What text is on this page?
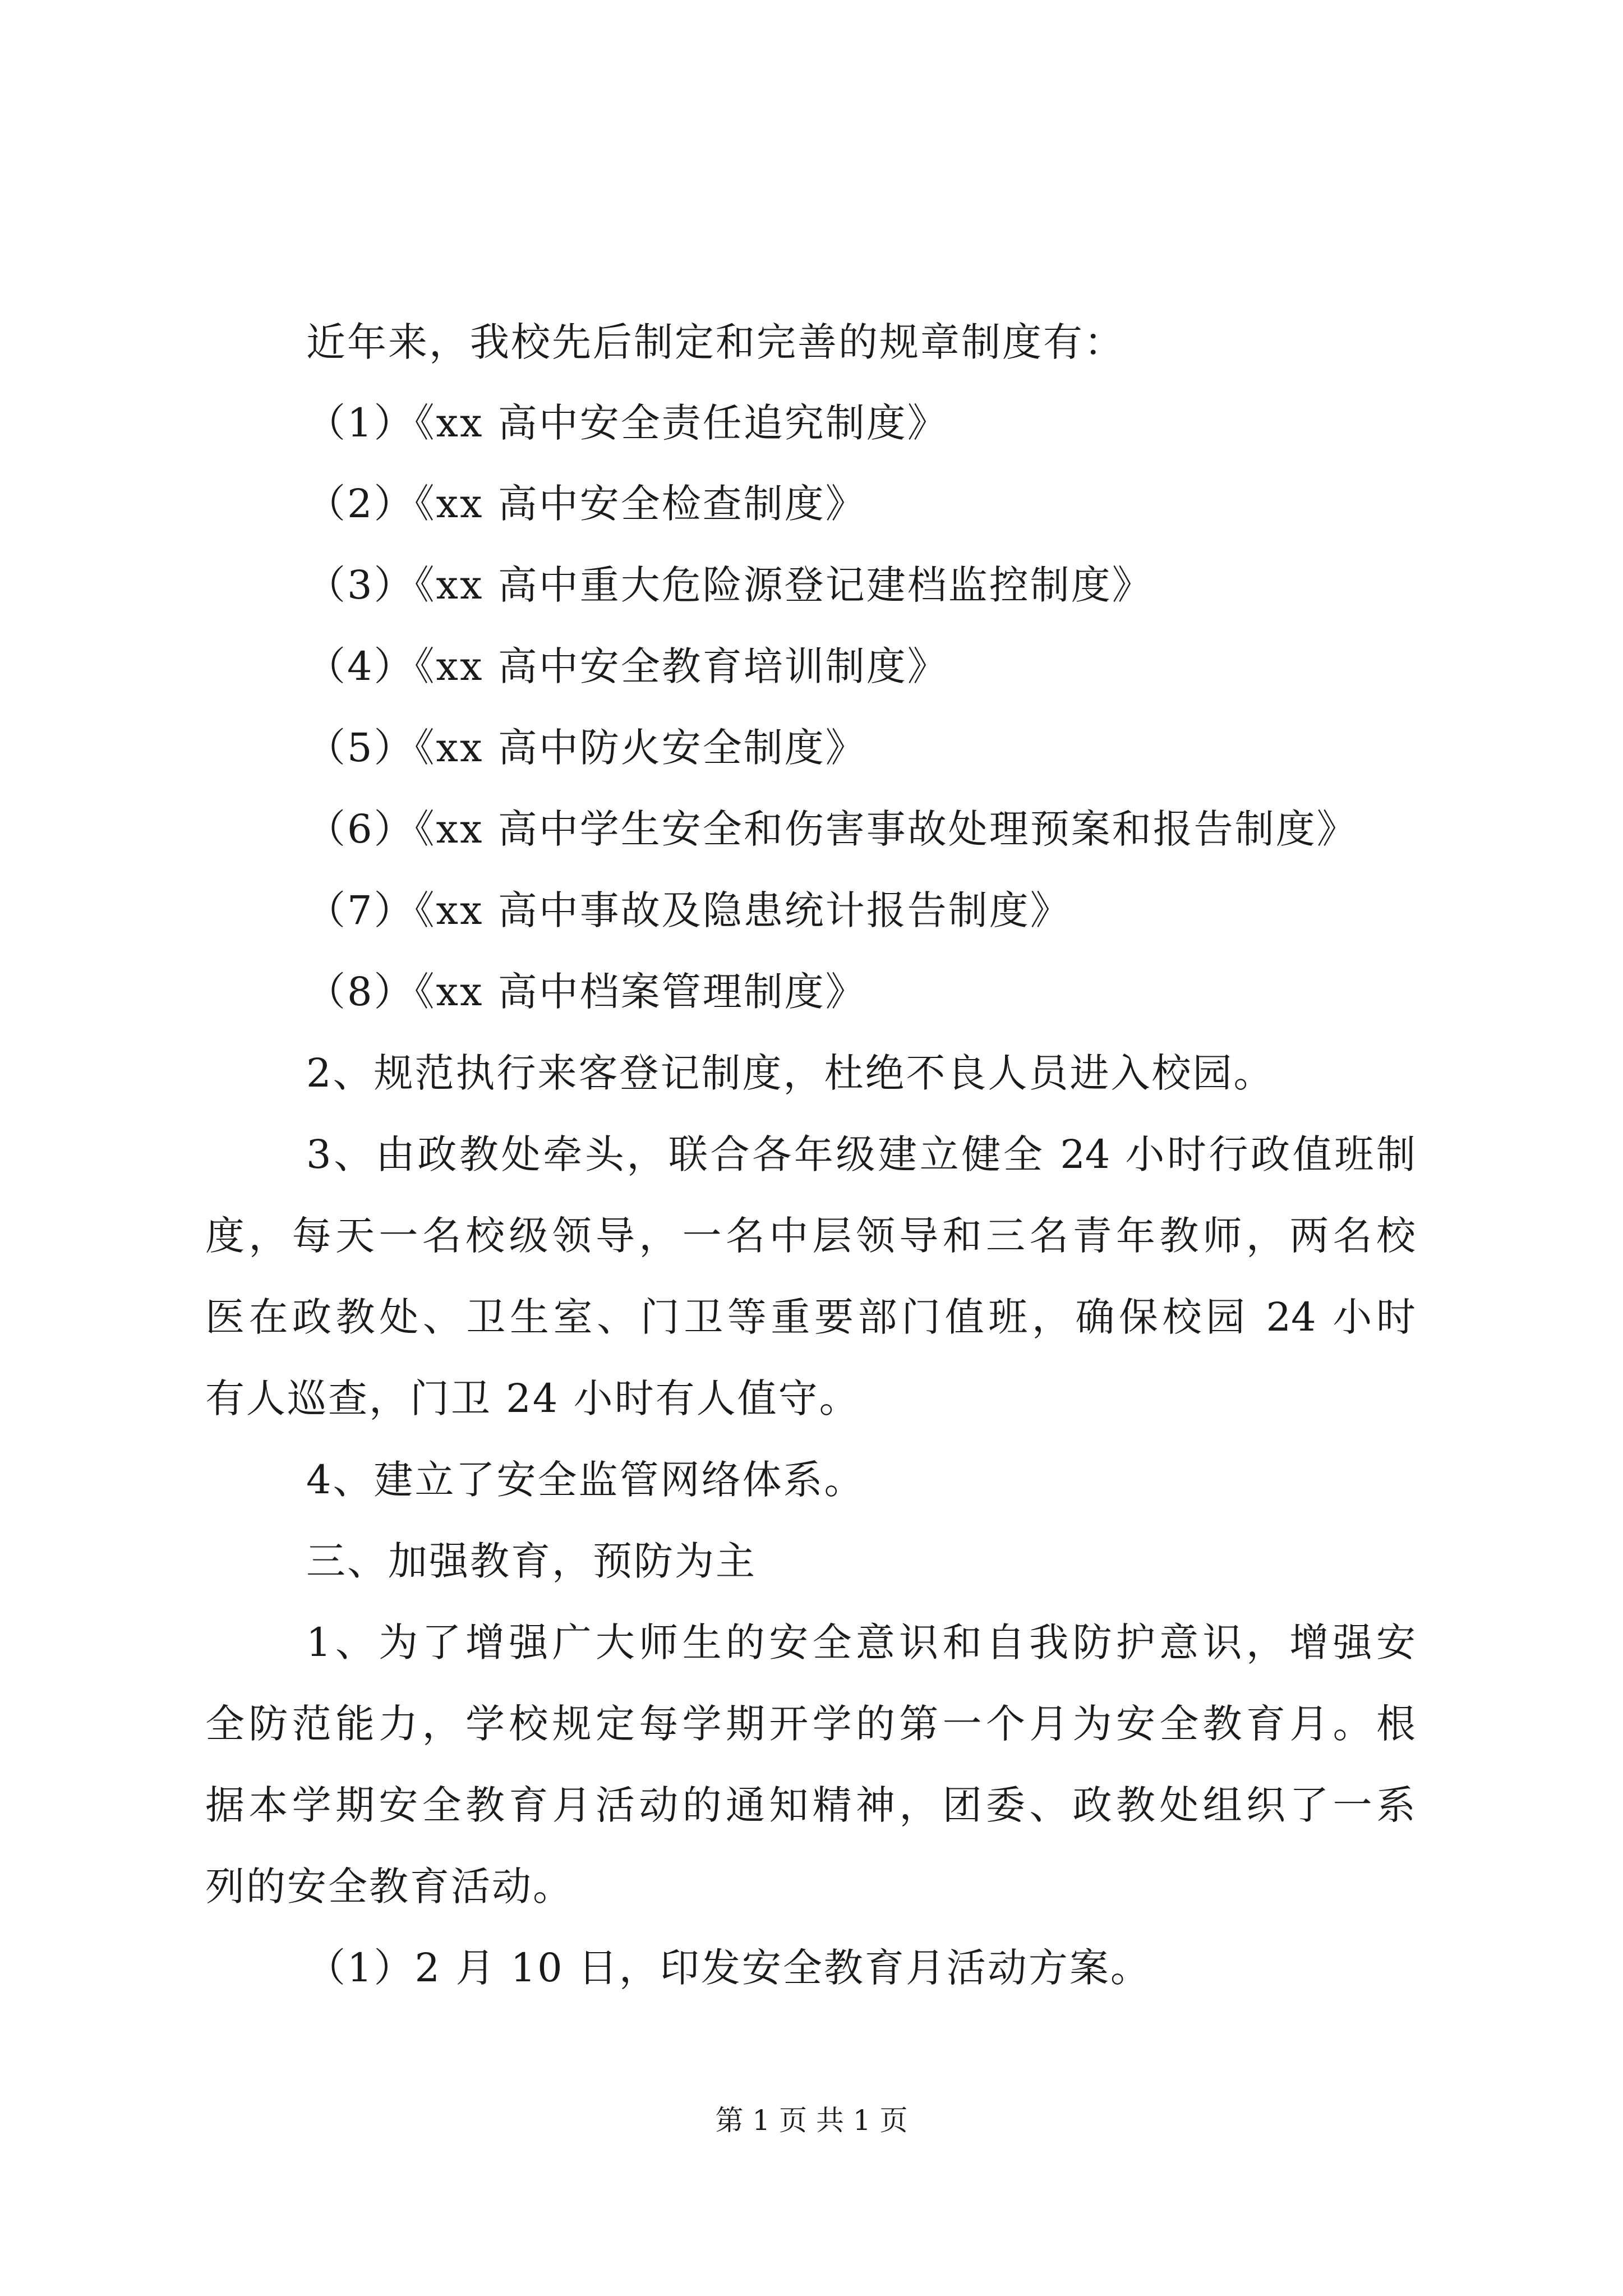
近年来，我校先后制定和完善的规章制度有：

（1）《xx 高中安全责任追究制度》

（2）《xx 高中安全检查制度》

（3）《xx 高中重大危险源登记建档监控制度》

（4）《xx 高中安全教育培训制度》

（5）《xx 高中防火安全制度》

（6）《xx 高中学生安全和伤害事故处理预案和报告制度》

（7）《xx 高中事故及隐患统计报告制度》

（8）《xx 高中档案管理制度》

2、规范执行来客登记制度，杜绝不良人员进入校园。

3、由政教处牵头，联合各年级建立健全 24 小时行政值班制

度，每天一名校级领导，一名中层领导和三名青年教师，两名校

医在政教处、卫生室、门卫等重要部门值班，确保校园 24 小时

有人巡查，门卫 24 小时有人值守。

4、建立了安全监管网络体系。

三、加强教育，预防为主

1、为了增强广大师生的安全意识和自我防护意识，增强安

全防范能力，学校规定每学期开学的第一个月为安全教育月。根

据本学期安全教育月活动的通知精神，团委、政教处组织了一系

列的安全教育活动。

（1）2 月 10 日，印发安全教育月活动方案。

第 1 页 共 1 页
